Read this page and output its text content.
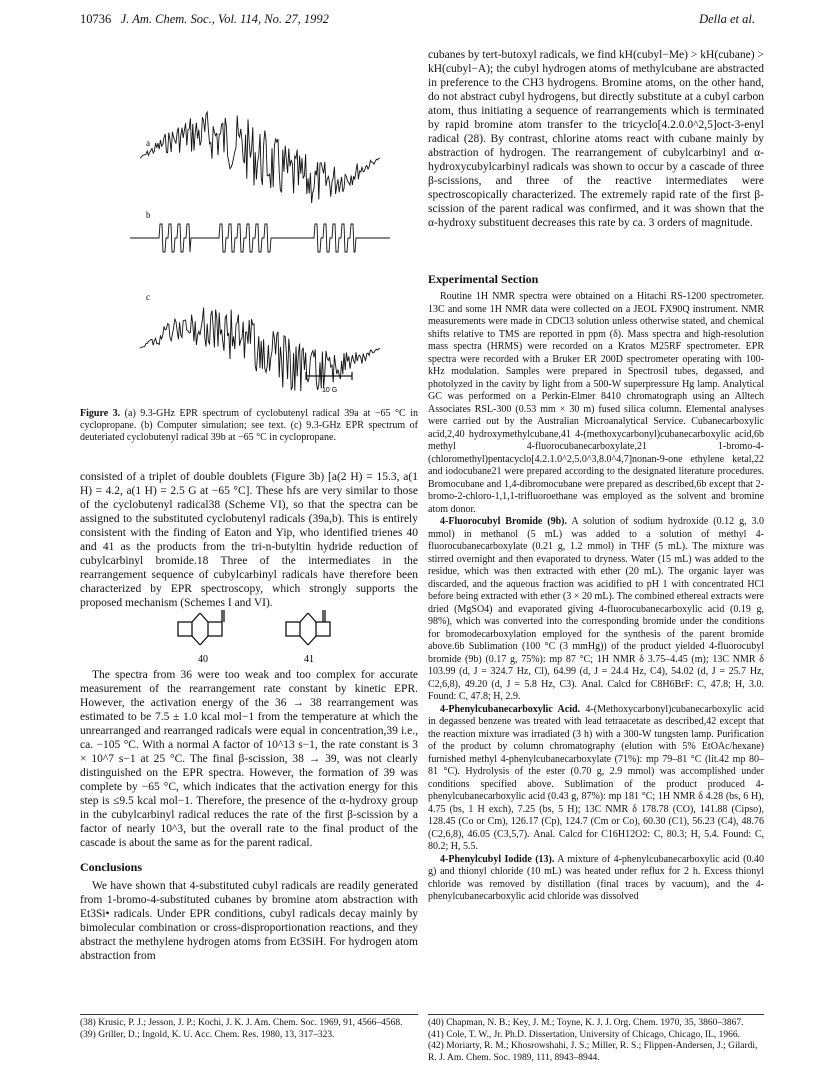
10736 J. Am. Chem. Soc., Vol. 114, No. 27, 1992	Della et al.
a
b
c
10 G
Figure 3. (a) 9.3-GHz EPR spectrum of cyclobutenyl radical 39a at −65 °C in cyclopropane. (b) Computer simulation; see text. (c) 9.3-GHz EPR spectrum of deuteriated cyclobutenyl radical 39b at −65 °C in cyclopropane.

consisted of a triplet of double doublets (Figure 3b) [a(2 H) = 15.3, a(1 H) = 4.2, a(1 H) = 2.5 G at −65 °C]. These hfs are very similar to those of the cyclobutenyl radical38 (Scheme VI), so that the spectra can be assigned to the substituted cyclobutenyl radicals (39a,b). This is entirely consistent with the finding of Eaton and Yip, who identified trienes 40 and 41 as the products from the tri-n-butyltin hydride reduction of cubylcarbinyl bromide.18 Three of the intermediates in the rearrangement sequence of cubylcarbinyl radicals have therefore been characterized by EPR spectroscopy, which strongly supports the proposed mechanism (Schemes I and VI).

40	41

The spectra from 36 were too weak and too complex for accurate measurement of the rearrangement rate constant by kinetic EPR. However, the activation energy of the 36 → 38 rearrangement was estimated to be 7.5 ± 1.0 kcal mol−1 from the temperature at which the unrearranged and rearranged radicals were equal in concentration,39 i.e., ca. −105 °C. With a normal A factor of 10^13 s−1, the rate constant is 3 × 10^7 s−1 at 25 °C. The final β-scission, 38 → 39, was not clearly distinguished on the EPR spectra. However, the formation of 39 was complete by −65 °C, which indicates that the activation energy for this step is ≤9.5 kcal mol−1. Therefore, the presence of the α-hydroxy group in the cubylcarbinyl radical reduces the rate of the first β-scission by a factor of nearly 10^3, but the overall rate to the final product of the cascade is about the same as for the parent radical.

Conclusions

We have shown that 4-substituted cubyl radicals are readily generated from 1-bromo-4-substituted cubanes by bromine atom abstraction with Et3Si• radicals. Under EPR conditions, cubyl radicals decay mainly by bimolecular combination or cross-disproportionation reactions, and they abstract the methylene hydrogen atoms from Et3SiH. For hydrogen atom abstraction from

(38) Krusic, P. J.; Jesson, J. P.; Kochi, J. K. J. Am. Chem. Soc. 1969, 91, 4566–4568.

(39) Griller, D.; Ingold, K. U. Acc. Chem. Res. 1980, 13, 317–323.

cubanes by tert-butoxyl radicals, we find kH(cubyl−Me) > kH(cubane) > kH(cubyl−A); the cubyl hydrogen atoms of methylcubane are abstracted in preference to the CH3 hydrogens. Bromine atoms, on the other hand, do not abstract cubyl hydrogens, but directly substitute at a cubyl carbon atom, thus initiating a sequence of rearrangements which is terminated by rapid bromine atom transfer to the tricyclo[4.2.0.0^2,5]oct-3-enyl radical (28). By contrast, chlorine atoms react with cubane mainly by abstraction of hydrogen. The rearrangement of cubylcarbinyl and α-hydroxycubylcarbinyl radicals was shown to occur by a cascade of three β-scissions, and three of the reactive intermediates were spectroscopically characterized. The extremely rapid rate of the first β-scission of the parent radical was confirmed, and it was shown that the α-hydroxy substituent decreases this rate by ca. 3 orders of magnitude.

Experimental Section

Routine 1H NMR spectra were obtained on a Hitachi RS-1200 spectrometer. 13C and some 1H NMR data were collected on a JEOL FX90Q instrument. NMR measurements were made in CDCl3 solution unless otherwise stated, and chemical shifts relative to TMS are reported in ppm (δ). Mass spectra and high-resolution mass spectra (HRMS) were recorded on a Kratos M25RF spectrometer. EPR spectra were recorded with a Bruker ER 200D spectrometer operating with 100-kHz modulation. Samples were prepared in Spectrosil tubes, degassed, and photolyzed in the cavity by light from a 500-W superpressure Hg lamp. Analytical GC was performed on a Perkin-Elmer 8410 chromatograph using an Alltech Associates RSL-300 (0.53 mm × 30 m) fused silica column. Elemental analyses were carried out by the Australian Microanalytical Service. Cubanecarboxylic acid,2,40 hydroxymethylcubane,41 4-(methoxycarbonyl)cubanecarboxylic acid,6b methyl 4-fluorocubanecarboxylate,21 1-bromo-4-(chloromethyl)pentacyclo[4.2.1.0^2,5.0^3,8.0^4,7]nonan-9-one ethylene ketal,22 and iodocubane21 were prepared according to the designated literature procedures. Bromocubane and 1,4-dibromocubane were prepared as described,6b except that 2-bromo-2-chloro-1,1,1-trifluoroethane was employed as the solvent and bromine atom donor.

4-Fluorocubyl Bromide (9b). A solution of sodium hydroxide (0.12 g, 3.0 mmol) in methanol (5 mL) was added to a solution of methyl 4-fluorocubanecarboxylate (0.21 g, 1.2 mmol) in THF (5 mL). The mixture was stirred overnight and then evaporated to dryness. Water (15 mL) was added to the residue, which was then extracted with ether (20 mL). The organic layer was discarded, and the aqueous fraction was acidified to pH 1 with concentrated HCl before being extracted with ether (3 × 20 mL). The combined ethereal extracts were dried (MgSO4) and evaporated giving 4-fluorocubanecarboxylic acid (0.19 g, 98%), which was converted into the corresponding bromide under the conditions for bromodecarboxylation employed for the synthesis of the parent bromide above.6b Sublimation (100 °C (3 mmHg)) of the product yielded 4-fluorocubyl bromide (9b) (0.17 g, 75%): mp 87 °C; 1H NMR δ 3.75–4.45 (m); 13C NMR δ 103.99 (d, J = 324.7 Hz, Cl), 64.99 (d, J = 24.4 Hz, C4), 54.02 (d, J = 25.7 Hz, C2,6,8), 49.20 (d, J = 5.8 Hz, C3). Anal. Calcd for C8H6BrF: C, 47.8; H, 3.0. Found: C, 47.8; H, 2.9.

4-Phenylcubanecarboxylic Acid. 4-(Methoxycarbonyl)cubanecarboxylic acid in degassed benzene was treated with lead tetraacetate as described,42 except that the reaction mixture was irradiated (3 h) with a 300-W tungsten lamp. Purification of the product by column chromatography (elution with 5% EtOAc/hexane) furnished methyl 4-phenylcubanecarboxylate (71%): mp 79–81 °C (lit.42 mp 80–81 °C). Hydrolysis of the ester (0.70 g, 2.9 mmol) was accomplished under conditions specified above. Sublimation of the product produced 4-phenylcubanecarboxylic acid (0.43 g, 87%): mp 181 °C; 1H NMR δ 4.28 (bs, 6 H), 4.75 (bs, 1 H exch), 7.25 (bs, 5 H); 13C NMR δ 178.78 (CO), 141.88 (Cipso), 128.45 (Co or Cm), 126.17 (Cp), 124.7 (Cm or Co), 60.30 (C1), 56.23 (C4), 48.76 (C2,6,8), 46.05 (C3,5,7). Anal. Calcd for C16H12O2: C, 80.3; H, 5.4. Found: C, 80.2; H, 5.5.

4-Phenylcubyl Iodide (13). A mixture of 4-phenylcubanecarboxylic acid (0.40 g) and thionyl chloride (10 mL) was heated under reflux for 2 h. Excess thionyl chloride was removed by distillation (final traces by vacuum), and the 4-phenylcubanecarboxylic acid chloride was dissolved

(40) Chapman, N. B.; Key, J. M.; Toyne, K. J. J. Org. Chem. 1970, 35, 3860–3867.

(41) Cole, T. W., Jr. Ph.D. Dissertation, University of Chicago, Chicago, IL, 1966.

(42) Moriarty, R. M.; Khosrowshahi, J. S.; Miller, R. S.; Flippen-Andersen, J.; Gilardi, R. J. Am. Chem. Soc. 1989, 111, 8943–8944.
